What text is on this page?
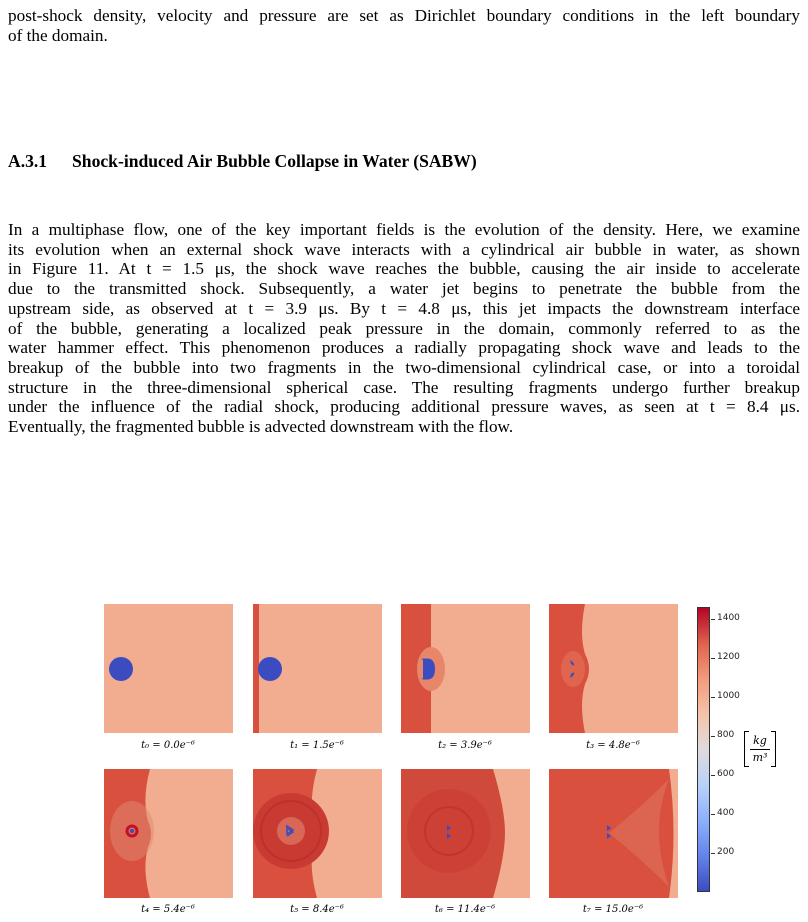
post-shock density, velocity and pressure are set as Dirichlet boundary conditions in the left boundary
of the domain.
A.3.1 Shock-induced Air Bubble Collapse in Water (SABW)
In a multiphase flow, one of the key important fields is the evolution of the density. Here, we examine
its evolution when an external shock wave interacts with a cylindrical air bubble in water, as shown
in Figure 11. At t = 1.5 μs, the shock wave reaches the bubble, causing the air inside to accelerate
due to the transmitted shock. Subsequently, a water jet begins to penetrate the bubble from the
upstream side, as observed at t = 3.9 μs. By t = 4.8 μs, this jet impacts the downstream interface
of the bubble, generating a localized peak pressure in the domain, commonly referred to as the
water hammer effect. This phenomenon produces a radially propagating shock wave and leads to the
breakup of the bubble into two fragments in the two-dimensional cylindrical case, or into a toroidal
structure in the three-dimensional spherical case. The resulting fragments undergo further breakup
under the influence of the radial shock, producing additional pressure waves, as seen at t = 8.4 μs.
Eventually, the fragmented bubble is advected downstream with the flow.
t₀ = 0.0e⁻⁶	t₁ = 1.5e⁻⁶	t₂ = 3.9e⁻⁶	t₃ = 4.8e⁻⁶
t₄ = 5.4e⁻⁶	t₅ = 8.4e⁻⁶	t₆ = 11.4e⁻⁶	t₇ = 15.0e⁻⁶
1400
1200
1000
800
600
400
200
kg
m³
